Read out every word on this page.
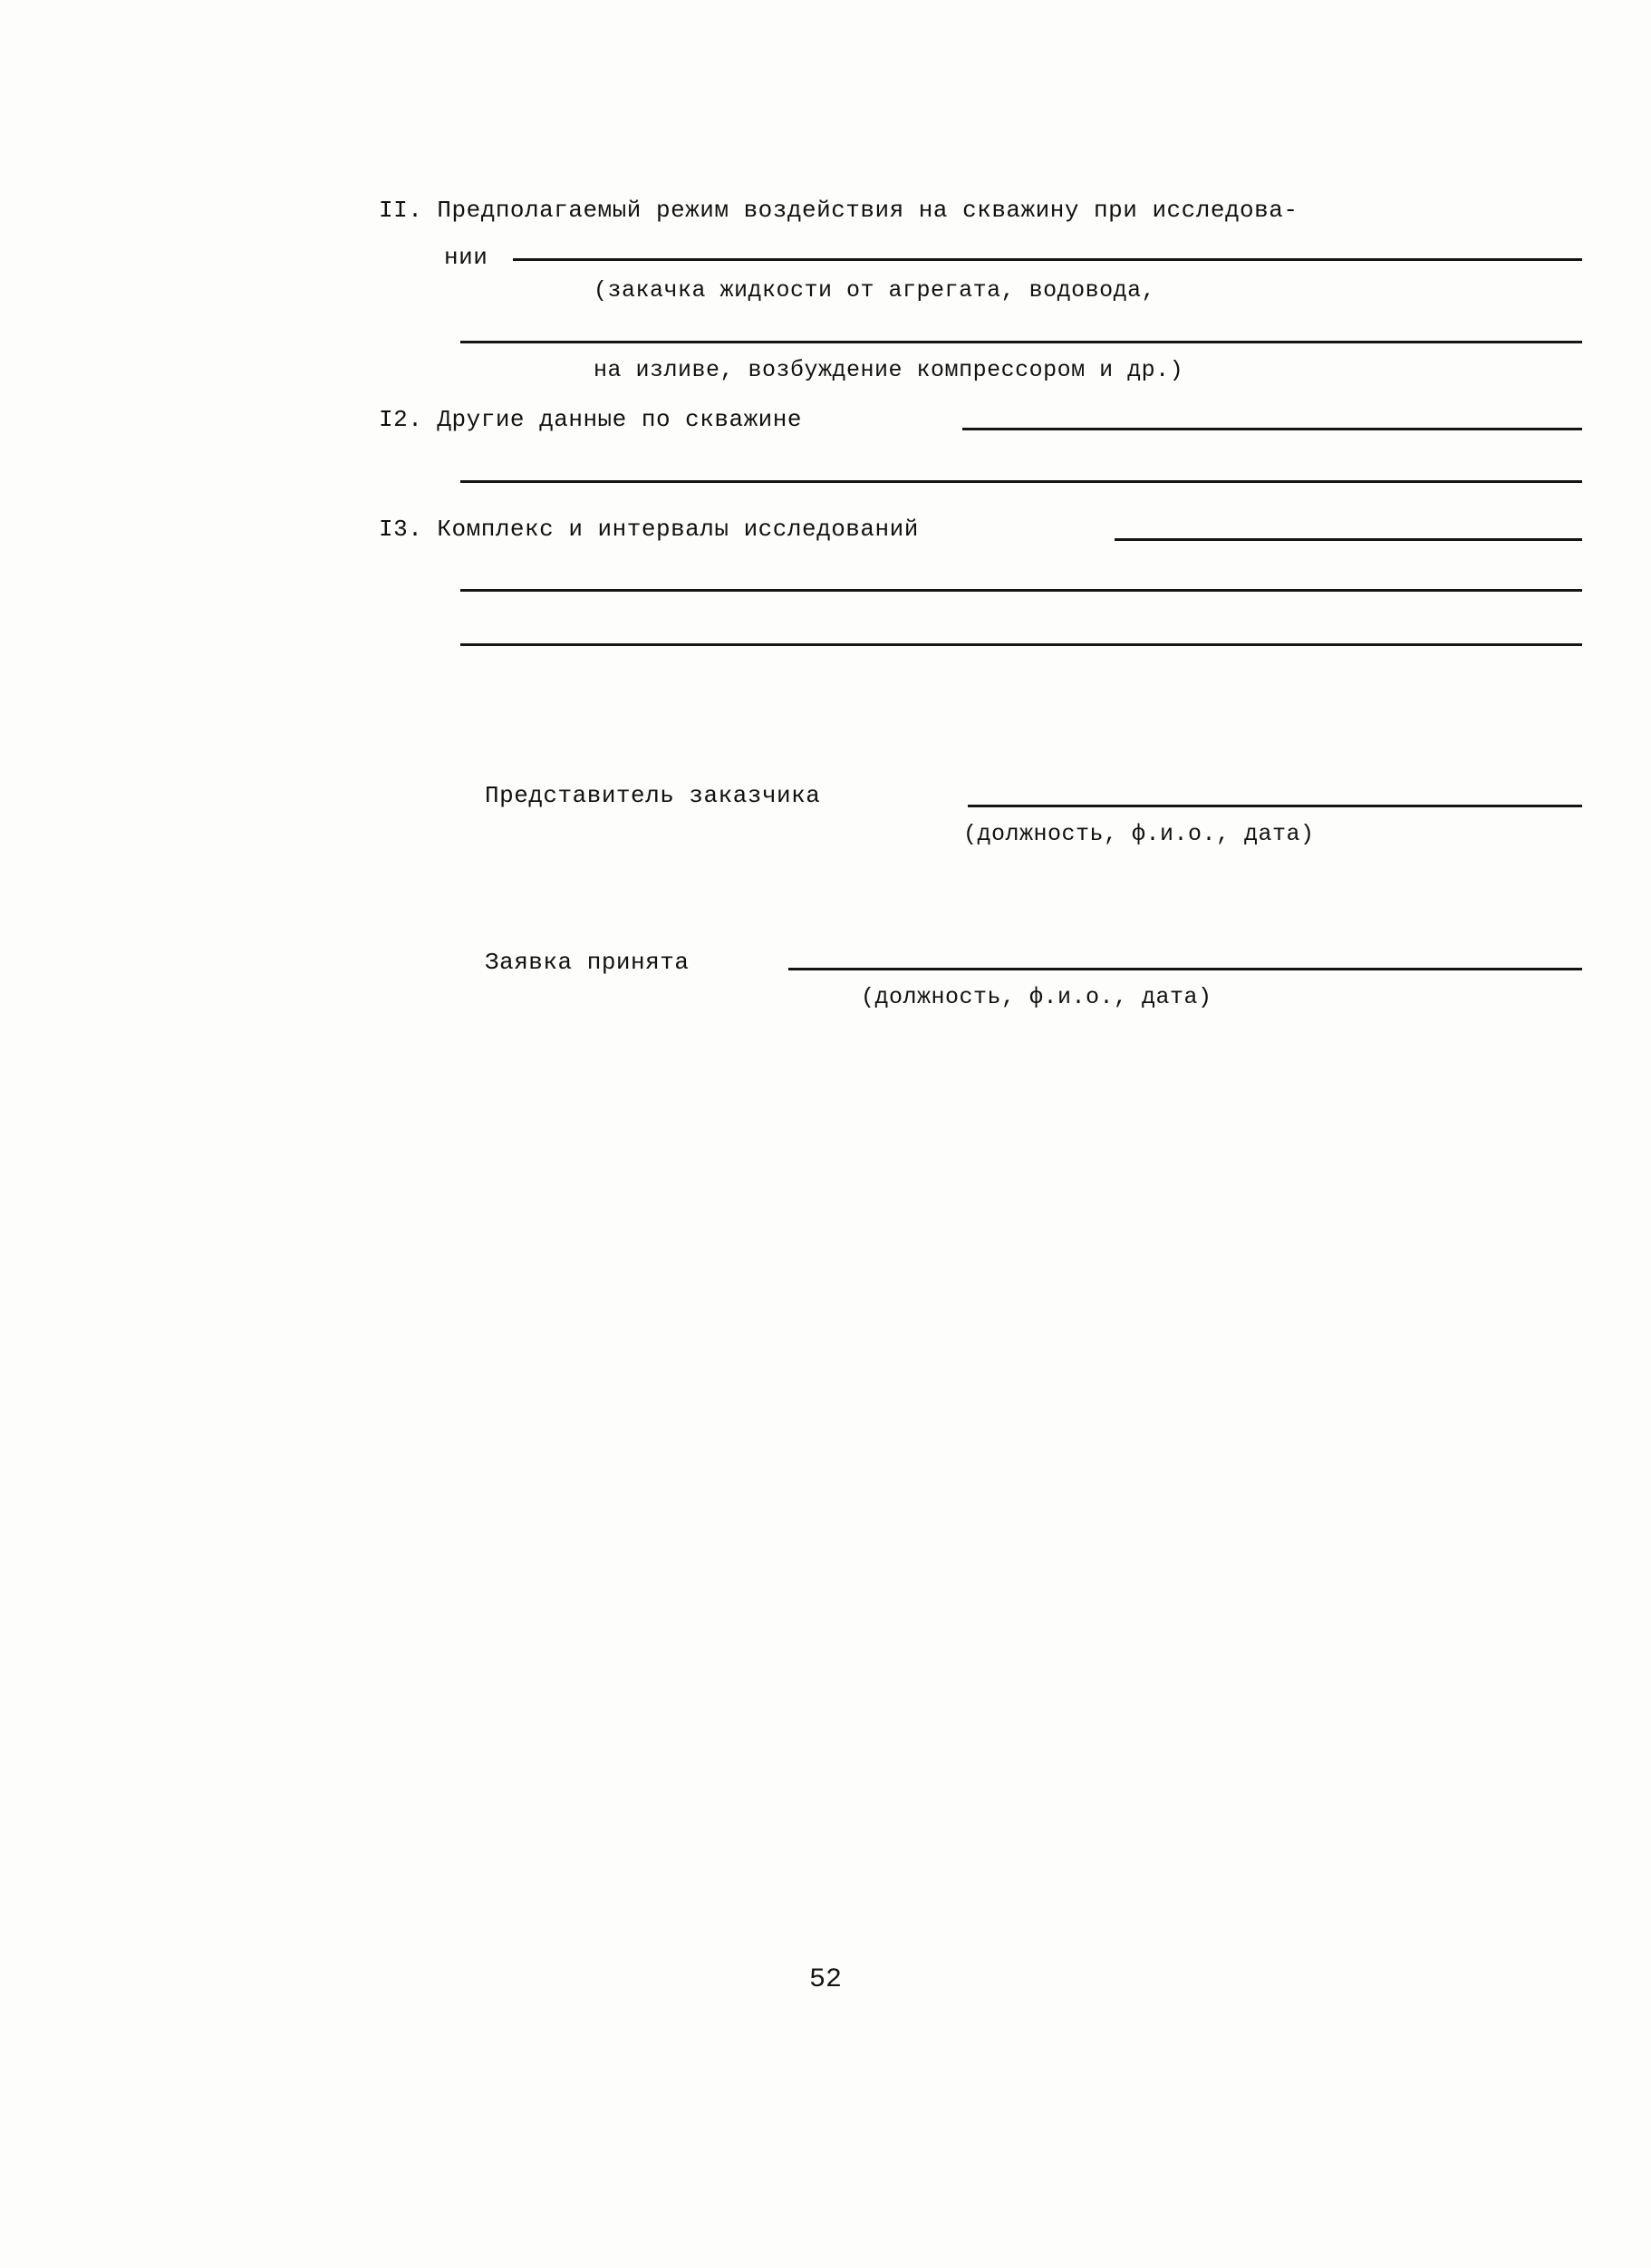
II. Предполагаемый режим воздействия на скважину при исследова-
нии
(закачка жидкости от агрегата, водовода,
на изливе, возбуждение компрессором и др.)
I2. Другие данные по скважине
I3. Комплекс и интервалы исследований
Представитель заказчика
(должность, ф.и.о., дата)
Заявка принята
(должность, ф.и.о., дата)
52
